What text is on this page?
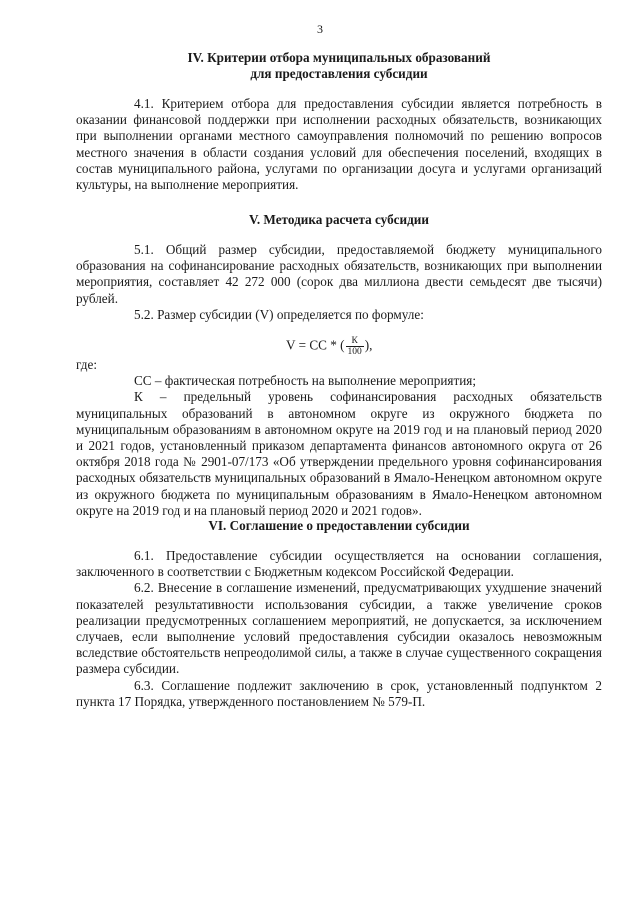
3

IV. Критерии отбора муниципальных образований

для предоставления субсидии

4.1. Критерием отбора для предоставления субсидии является потребность в оказании финансовой поддержки при исполнении расходных обязательств, возникающих при выполнении органами местного самоуправления полномочий по решению вопросов местного значения в области создания условий для обеспечения поселений, входящих в состав муниципального района, услугами по организации досуга и услугами организаций культуры, на выполнение мероприятия.

V. Методика расчета субсидии

5.1. Общий размер субсидии, предоставляемой бюджету муниципального образования на софинансирование расходных обязательств, возникающих при выполнении мероприятия, составляет 42 272 000 (сорок два миллиона двести семьдесят две тысячи) рублей.

5.2. Размер субсидии (V) определяется по формуле:

V = СС * ( $\frac{К}{100}$ ),

где:

СС – фактическая потребность на выполнение мероприятия;

К – предельный уровень софинансирования расходных обязательств муниципальных образований в автономном округе из окружного бюджета по муниципальным образованиям в автономном округе на 2019 год и на плановый период 2020 и 2021 годов, установленный приказом департамента финансов автономного округа от 26 октября 2018 года № 2901-07/173 «Об утверждении предельного уровня софинансирования расходных обязательств муниципальных образований в Ямало-Ненецком автономном округе из окружного бюджета по муниципальным образованиям в Ямало-Ненецком автономном округе на 2019 год и на плановый период 2020 и 2021 годов».

VI. Соглашение о предоставлении субсидии

6.1. Предоставление субсидии осуществляется на основании соглашения, заключенного в соответствии с Бюджетным кодексом Российской Федерации.

6.2. Внесение в соглашение изменений, предусматривающих ухудшение значений показателей результативности использования субсидии, а также увеличение сроков реализации предусмотренных соглашением мероприятий, не допускается, за исключением случаев, если выполнение условий предоставления субсидии оказалось невозможным вследствие обстоятельств непреодолимой силы, а также в случае существенного сокращения размера субсидии.

6.3. Соглашение подлежит заключению в срок, установленный подпунктом 2 пункта 17 Порядка, утвержденного постановлением № 579-П.
